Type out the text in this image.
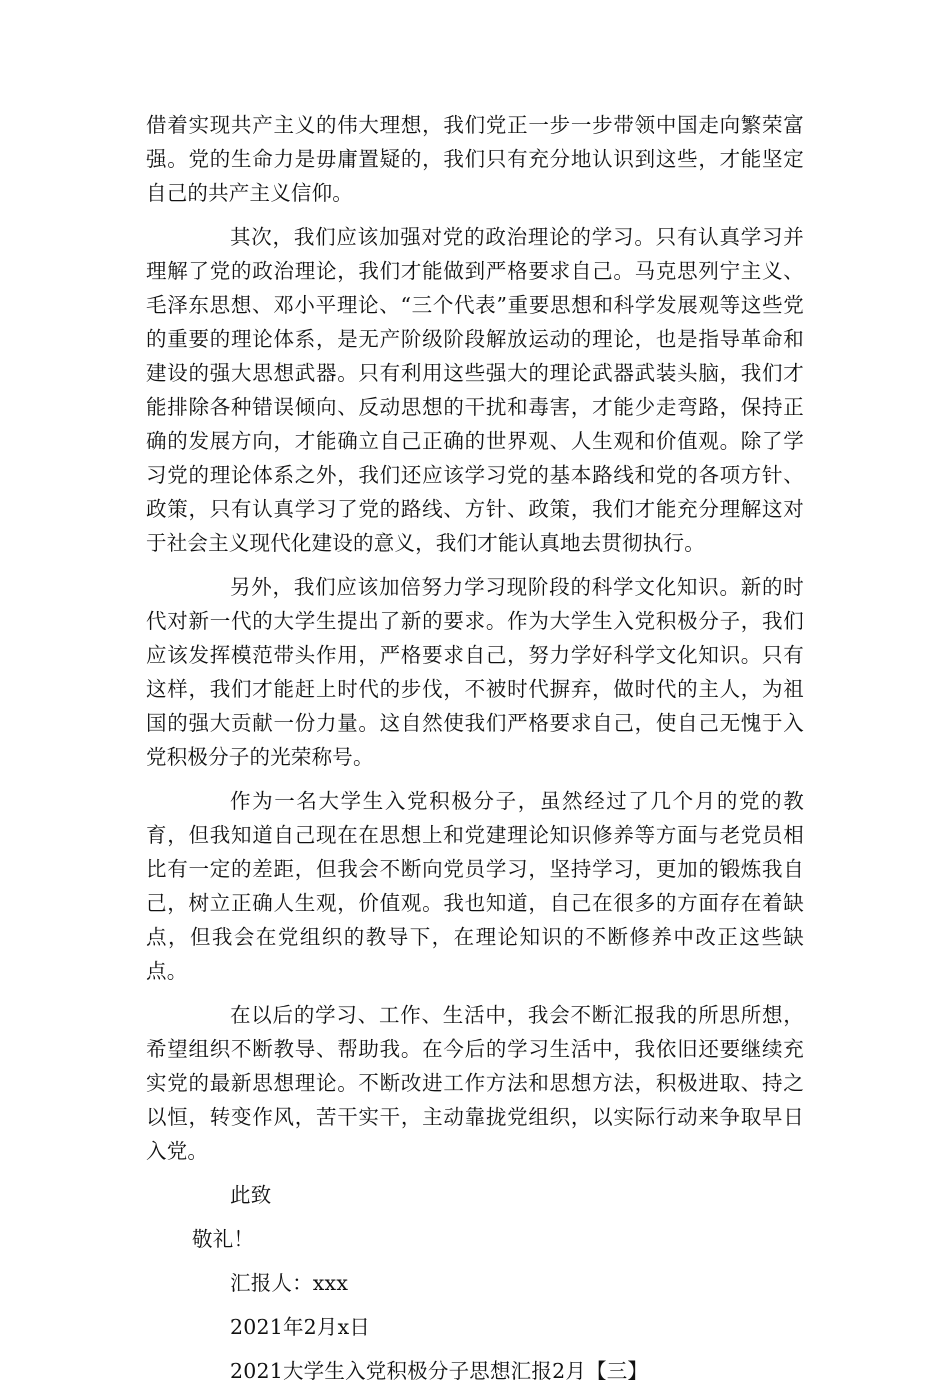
借着实现共产主义的伟大理想，我们党正一步一步带领中国走向繁荣富强。党的生命力是毋庸置疑的，我们只有充分地认识到这些，才能坚定自己的共产主义信仰。

其次，我们应该加强对党的政治理论的学习。只有认真学习并理解了党的政治理论，我们才能做到严格要求自己。马克思列宁主义、毛泽东思想、邓小平理论、“三个代表”重要思想和科学发展观等这些党的重要的理论体系，是无产阶级阶段解放运动的理论，也是指导革命和建设的强大思想武器。只有利用这些强大的理论武器武装头脑，我们才能排除各种错误倾向、反动思想的干扰和毒害，才能少走弯路，保持正确的发展方向，才能确立自己正确的世界观、人生观和价值观。除了学习党的理论体系之外，我们还应该学习党的基本路线和党的各项方针、政策，只有认真学习了党的路线、方针、政策，我们才能充分理解这对于社会主义现代化建设的意义，我们才能认真地去贯彻执行。

另外，我们应该加倍努力学习现阶段的科学文化知识。新的时代对新一代的大学生提出了新的要求。作为大学生入党积极分子，我们应该发挥模范带头作用，严格要求自己，努力学好科学文化知识。只有这样，我们才能赶上时代的步伐，不被时代摒弃，做时代的主人，为祖国的强大贡献一份力量。这自然使我们严格要求自己，使自己无愧于入党积极分子的光荣称号。

作为一名大学生入党积极分子，虽然经过了几个月的党的教育，但我知道自己现在在思想上和党建理论知识修养等方面与老党员相比有一定的差距，但我会不断向党员学习，坚持学习，更加的锻炼我自己，树立正确人生观，价值观。我也知道，自己在很多的方面存在着缺点，但我会在党组织的教导下，在理论知识的不断修养中改正这些缺点。

在以后的学习、工作、生活中，我会不断汇报我的所思所想，希望组织不断教导、帮助我。在今后的学习生活中，我依旧还要继续充实党的最新思想理论。不断改进工作方法和思想方法，积极进取、持之以恒，转变作风，苦干实干，主动靠拢党组织，以实际行动来争取早日入党。

此致

敬礼！

汇报人：xxx

2021年2月x日

2021大学生入党积极分子思想汇报2月【三】
